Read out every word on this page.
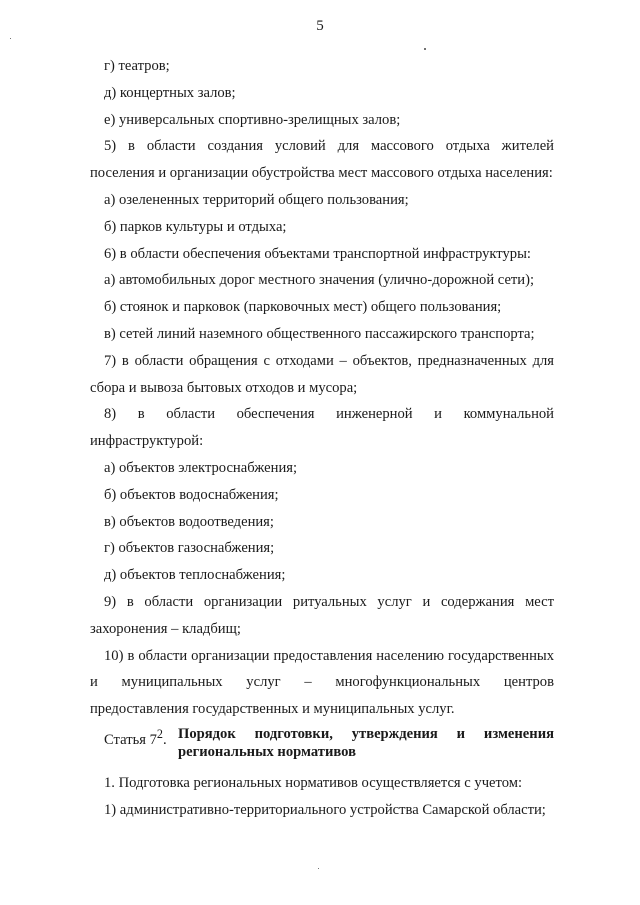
5

г) театров;

д) концертных залов;

е) универсальных спортивно-зрелищных залов;

5) в области создания условий для массового отдыха жителей поселения и организации обустройства мест массового отдыха населения:

а) озелененных территорий общего пользования;

б) парков культуры и отдыха;

6) в области обеспечения объектами транспортной инфраструктуры:

а) автомобильных дорог местного значения (улично-дорожной сети);

б) стоянок и парковок (парковочных мест) общего пользования;

в) сетей линий наземного общественного пассажирского транспорта;

7) в области обращения с отходами – объектов, предназначенных для сбора и вывоза бытовых отходов и мусора;

8) в области обеспечения инженерной и коммунальной инфраструктурой:

а) объектов электроснабжения;

б) объектов водоснабжения;

в) объектов водоотведения;

г) объектов газоснабжения;

д) объектов теплоснабжения;

9) в области организации ритуальных услуг и содержания мест захоронения – кладбищ;

10) в области организации предоставления населению государственных и муниципальных услуг – многофункциональных центров предоставления государственных и муниципальных услуг.

Статья $7^2$. Порядок подготовки, утверждения и изменения
региональных нормативов

1. Подготовка региональных нормативов осуществляется с учетом:

1) административно-территориального устройства Самарской области;
